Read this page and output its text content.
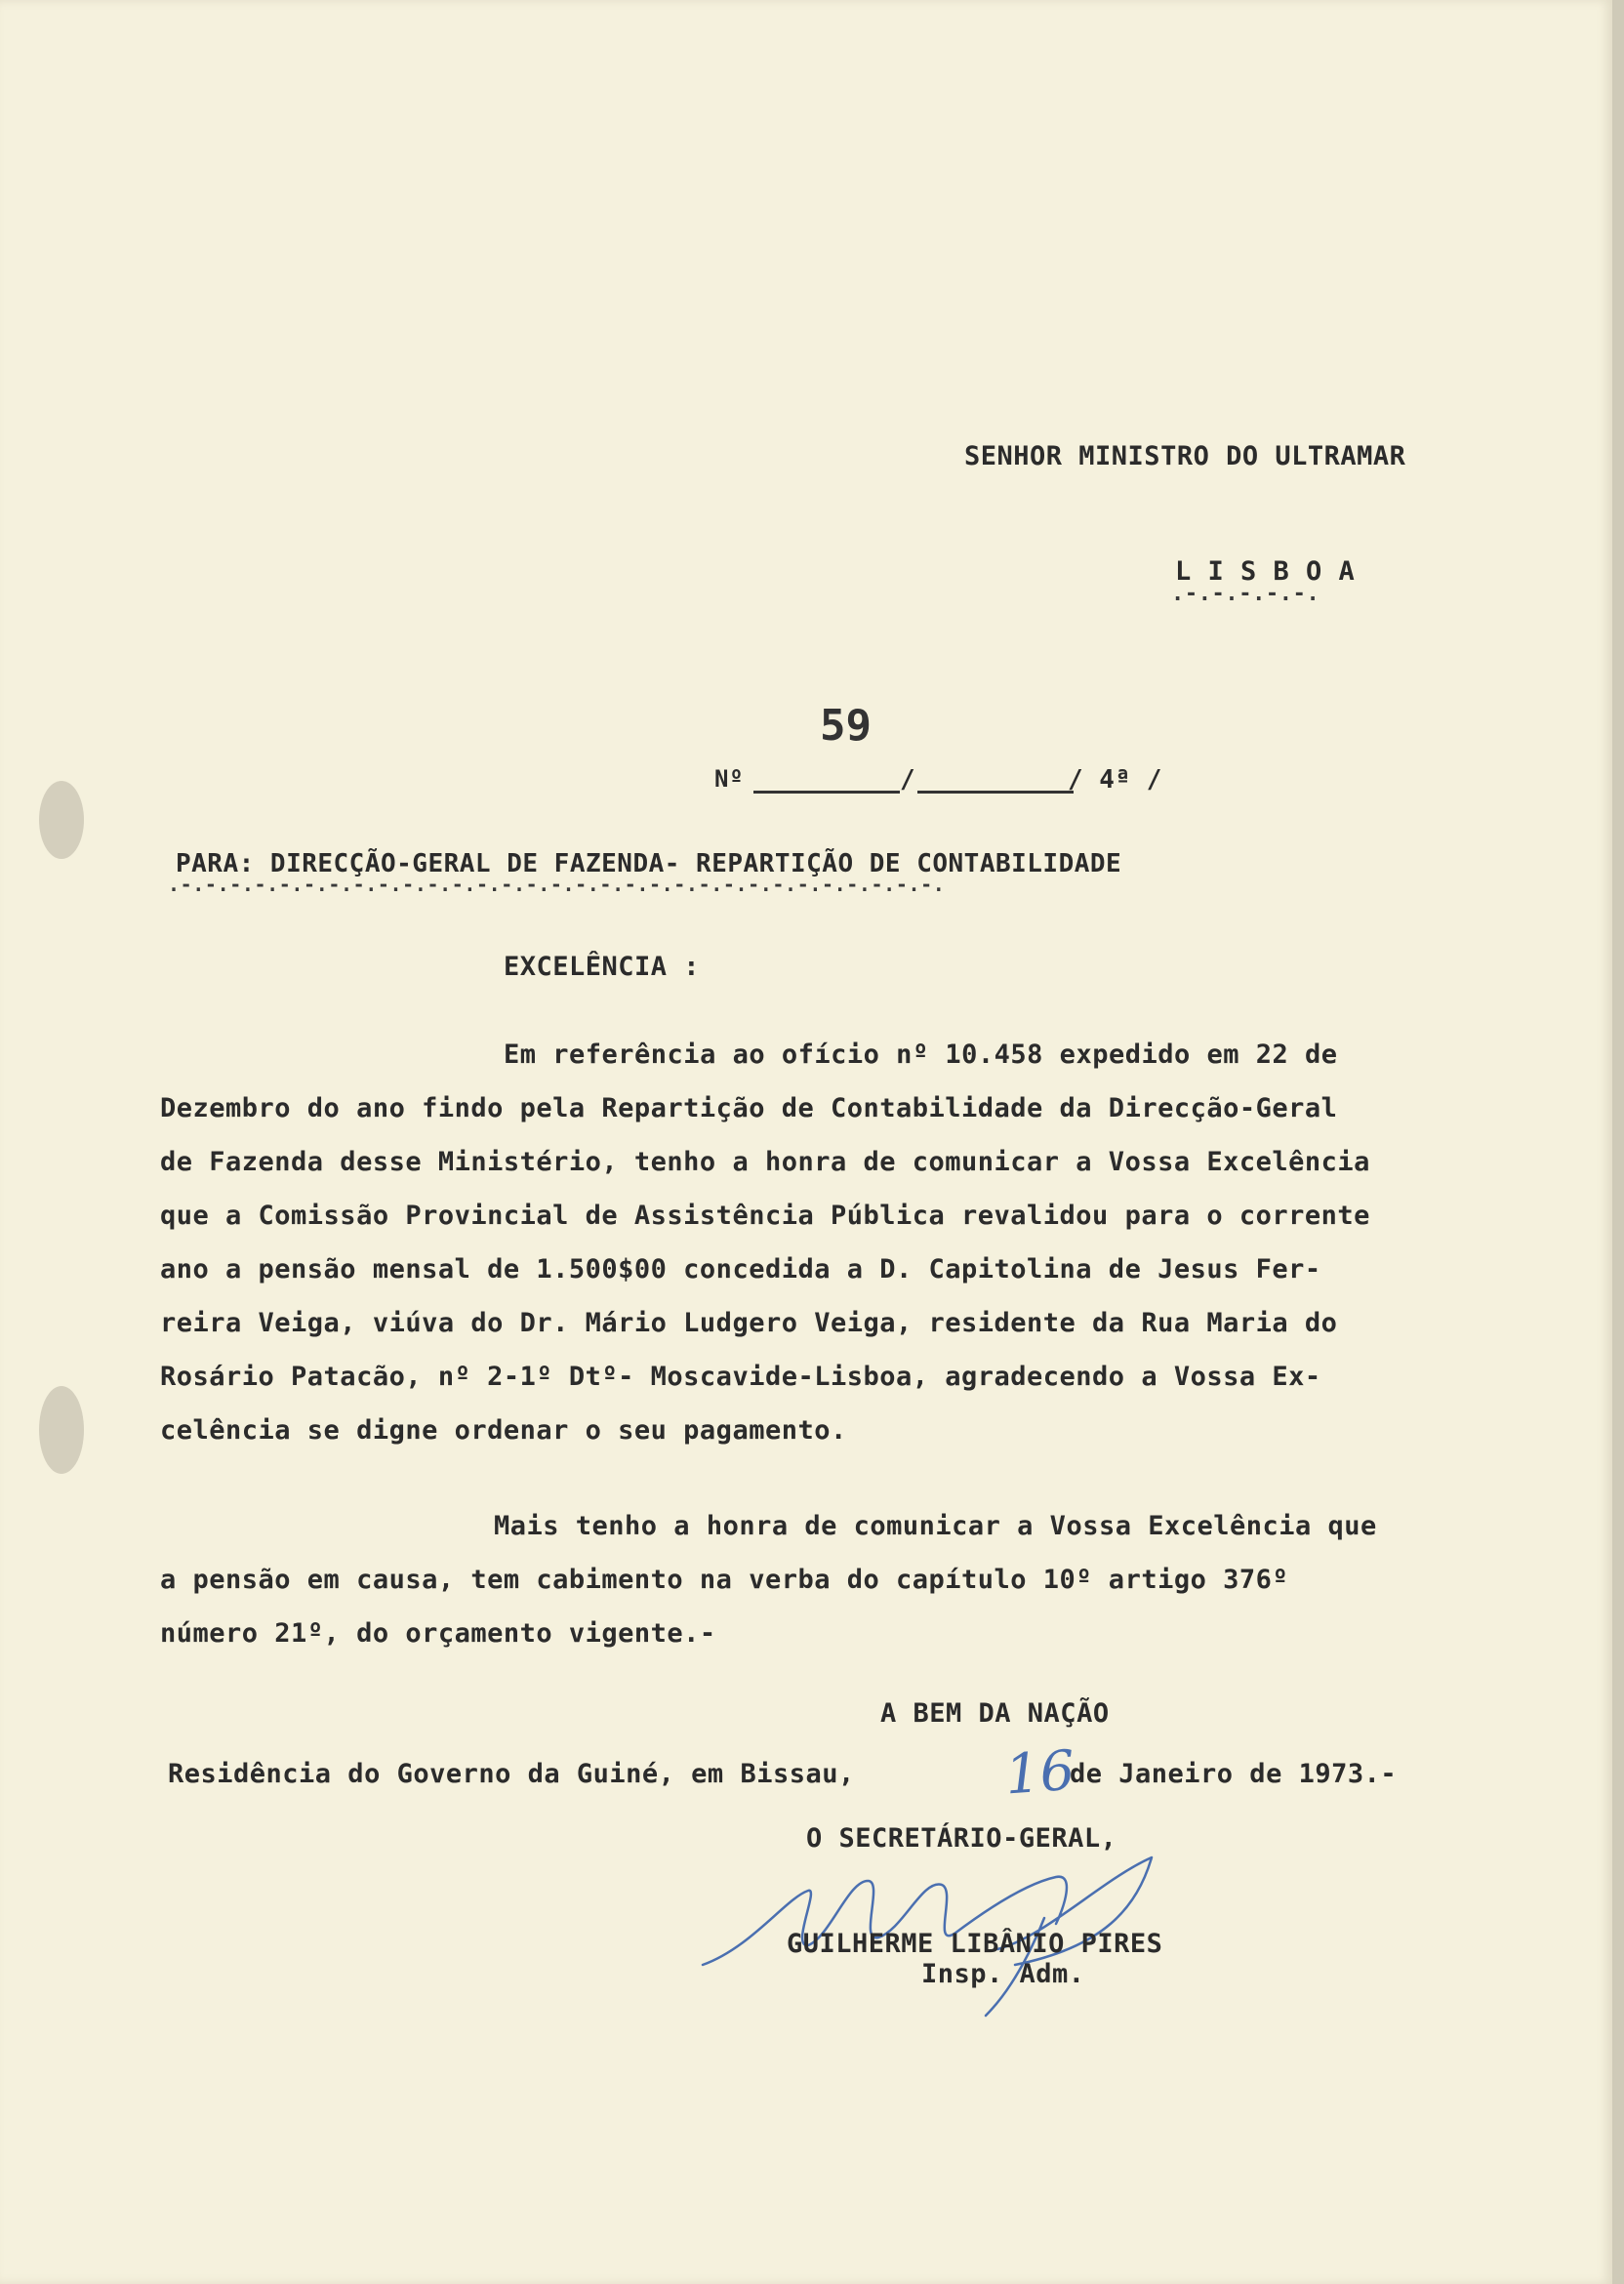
SENHOR MINISTRO DO ULTRAMAR
L I S B O A
.-.-.-.-.-.
59
Nº	/	/ 4ª /
PARA: DIRECÇÃO-GERAL DE FAZENDA- REPARTIÇÃO DE CONTABILIDADE
.-.-.-.-.-.-.-.-.-.-.-.-.-.-.-.-.-.-.-.-.-.-.-.-.-.-.-.-.-.-.-.
EXCELÊNCIA :
Em referência ao ofício nº 10.458 expedido em 22 de
Dezembro do ano findo pela Repartição de Contabilidade da Direcção-Geral
de Fazenda desse Ministério, tenho a honra de comunicar a Vossa Excelência
que a Comissão Provincial de Assistência Pública revalidou para o corrente
ano a pensão mensal de 1.500$00 concedida a D. Capitolina de Jesus Fer-
reira Veiga, viúva do Dr. Mário Ludgero Veiga, residente da Rua Maria do
Rosário Patacão, nº 2-1º Dtº- Moscavide-Lisboa, agradecendo a Vossa Ex-
celência se digne ordenar o seu pagamento.
Mais tenho a honra de comunicar a Vossa Excelência que
a pensão em causa, tem cabimento na verba do capítulo 10º artigo 376º
número 21º, do orçamento vigente.-
A BEM DA NAÇÃO
Residência do Governo da Guiné, em Bissau,	16
de Janeiro de 1973.-
O SECRETÁRIO-GERAL,
GUILHERME LIBÂNIO PIRES
Insp. Adm.
